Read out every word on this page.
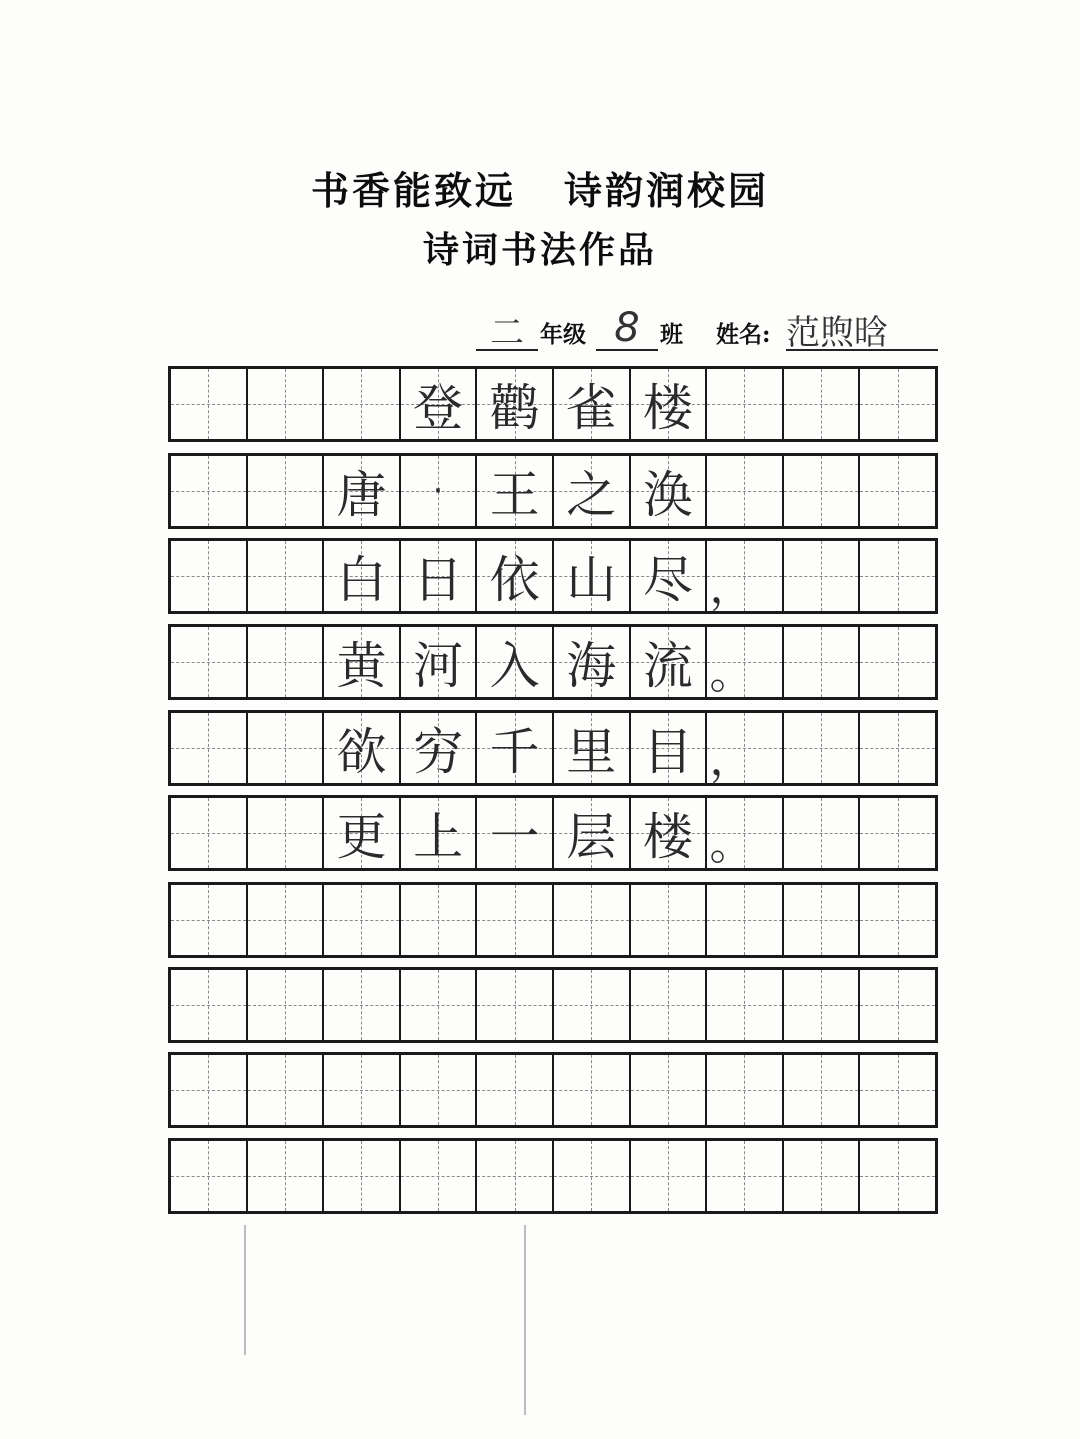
书香能致远 诗韵润校园
诗词书法作品
二 年级 8 班 姓名: 范煦晗
登 鹳 雀 楼
唐 · 王 之 涣
白 日 依 山 尽 ，
黄 河 入 海 流 。
欲 穷 千 里 目 ，
更 上 一 层 楼 。
